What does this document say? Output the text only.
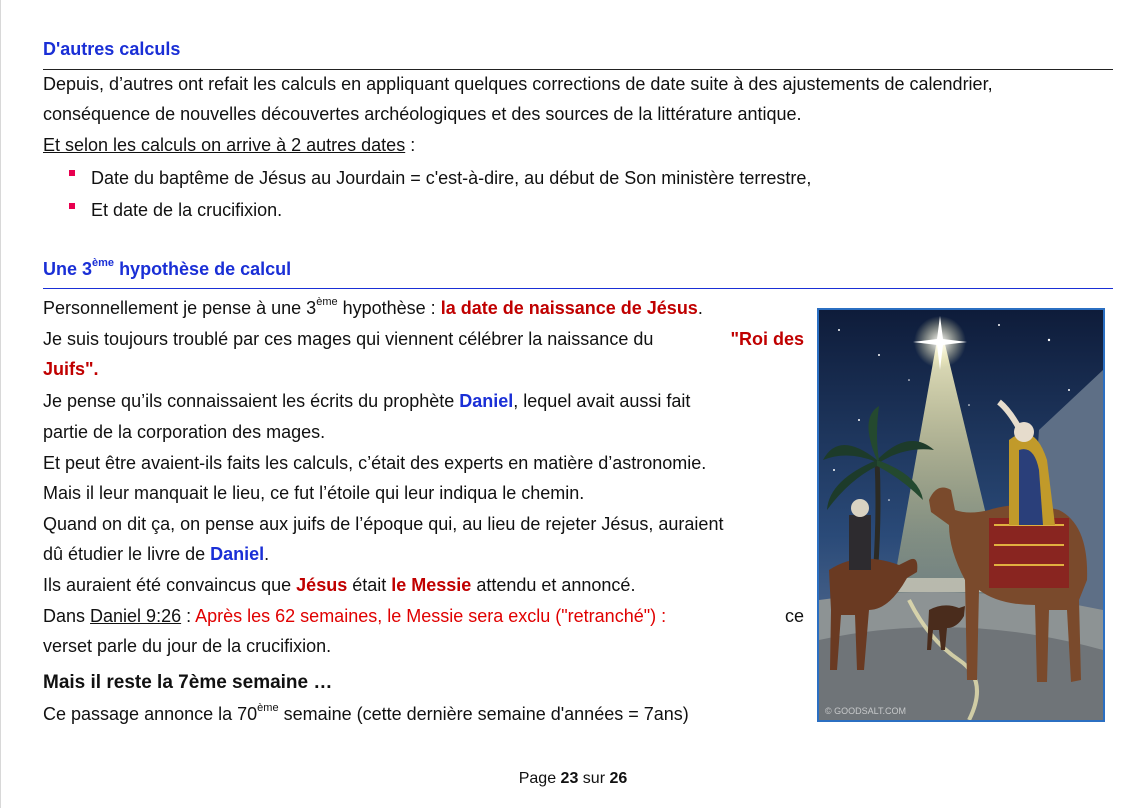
D'autres calculs
Depuis, d’autres ont refait les calculs en appliquant quelques corrections de date suite à des ajustements de calendrier,
conséquence de nouvelles découvertes archéologiques et des sources de la littérature antique.
Et selon les calculs on arrive à 2 autres dates :
Date du baptême de Jésus au Jourdain = c'est-à-dire, au début de Son ministère terrestre,
Et date de la crucifixion.
Une 3ème hypothèse de calcul
Personnellement je pense à une 3ème hypothèse : la date de naissance de Jésus.
Je suis toujours troublé par ces mages qui viennent célébrer la naissance du	"Roi des
Juifs".
Je pense qu’ils connaissaient les écrits du prophète Daniel, lequel avait aussi fait
partie de la corporation des mages.
Et peut être avaient-ils faits les calculs, c’était des experts en matière d’astronomie.
Mais il leur manquait le lieu, ce fut l’étoile qui leur indiqua le chemin.
Quand on dit ça, on pense aux juifs de l’époque qui, au lieu de rejeter Jésus, auraient
dû étudier le livre de Daniel.
Ils auraient été convaincus que Jésus était le Messie attendu et annoncé.
Dans Daniel 9:26 : Après les 62 semaines, le Messie sera exclu ("retranché") :	ce
verset parle du jour de la crucifixion.
Mais il reste la 7ème semaine …
Ce passage annonce la 70ème semaine (cette dernière semaine d'années = 7ans)	© GOODSALT.COM
Page 23 sur 26
